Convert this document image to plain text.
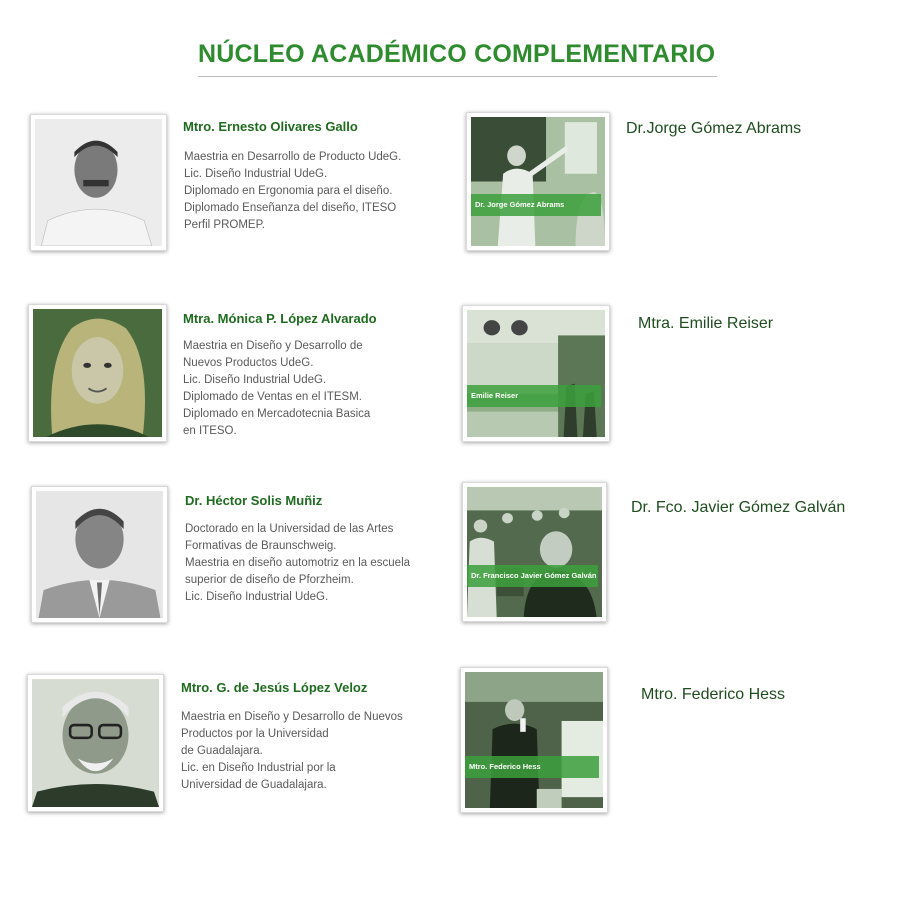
NÚCLEO ACADÉMICO COMPLEMENTARIO
Mtro. Ernesto Olivares Gallo
Maestria en Desarrollo de Producto UdeG.
Lic. Diseño Industrial UdeG.
Diplomado en Ergonomia para el diseño.
Diplomado Enseñanza del diseño, ITESO
Perfil PROMEP.
Mtra. Mónica P. López Alvarado
Maestria en Diseño y Desarrollo de
Nuevos Productos UdeG.
Lic. Diseño Industrial UdeG.
Diplomado de Ventas en el ITESM.
Diplomado en Mercadotecnia Basica
en ITESO.
Dr. Héctor Solis Muñiz
Doctorado en la Universidad de las Artes
Formativas de Braunschweig.
Maestria en diseño automotriz en la escuela
superior de diseño de Pforzheim.
Lic. Diseño Industrial UdeG.
Mtro. G. de Jesús López Veloz
Maestria en Diseño y Desarrollo de Nuevos
Productos por la Universidad
de Guadalajara.
Lic. en Diseño Industrial por la
Universidad de Guadalajara.
Dr. Jorge Gómez Abrams
Dr.Jorge Gómez Abrams
Emilie Reiser
Mtra. Emilie Reiser
Dr. Francisco Javier Gómez Galván
Dr. Fco. Javier Gómez Galván
Mtro. Federico Hess
Mtro. Federico Hess
